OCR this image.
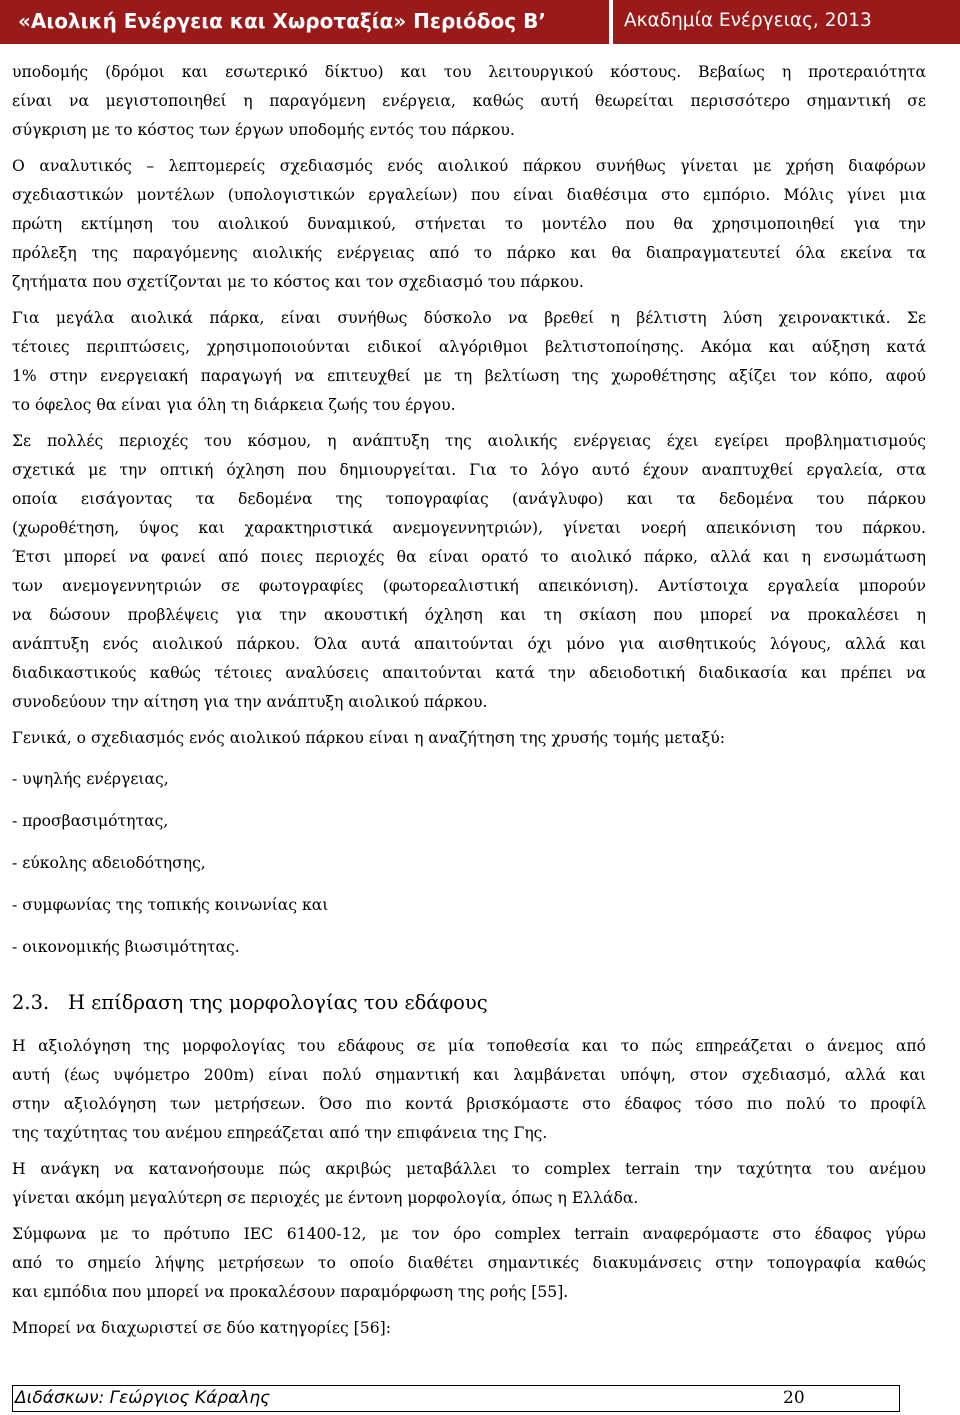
«Αιολική Ενέργεια και Χωροταξία» Περιόδος Β’	Ακαδημία Ενέργειας, 2013
υποδομής (δρόμοι και εσωτερικό δίκτυο) και του λειτουργικού κόστους. Βεβαίως η προτεραιότητα
είναι να μεγιστοποιηθεί η παραγόμενη ενέργεια, καθώς αυτή θεωρείται περισσότερο σημαντική σε
σύγκριση με το κόστος των έργων υποδομής εντός του πάρκου.
Ο αναλυτικός – λεπτομερείς σχεδιασμός ενός αιολικού πάρκου συνήθως γίνεται με χρήση διαφόρων
σχεδιαστικών μοντέλων (υπολογιστικών εργαλείων) που είναι διαθέσιμα στο εμπόριο. Μόλις γίνει μια
πρώτη εκτίμηση του αιολικού δυναμικού, στήνεται το μοντέλο που θα χρησιμοποιηθεί για την
πρόλεξη της παραγόμενης αιολικής ενέργειας από το πάρκο και θα διαπραγματευτεί όλα εκείνα τα
ζητήματα που σχετίζονται με το κόστος και τον σχεδιασμό του πάρκου.
Για μεγάλα αιολικά πάρκα, είναι συνήθως δύσκολο να βρεθεί η βέλτιστη λύση χειρονακτικά. Σε
τέτοιες περιπτώσεις, χρησιμοποιούνται ειδικοί αλγόριθμοι βελτιστοποίησης. Ακόμα και αύξηση κατά
1% στην ενεργειακή παραγωγή να επιτευχθεί με τη βελτίωση της χωροθέτησης αξίζει τον κόπο, αφού
το όφελος θα είναι για όλη τη διάρκεια ζωής του έργου.
Σε πολλές περιοχές του κόσμου, η ανάπτυξη της αιολικής ενέργειας έχει εγείρει προβληματισμούς
σχετικά με την οπτική όχληση που δημιουργείται. Για το λόγο αυτό έχουν αναπτυχθεί εργαλεία, στα
οποία εισάγοντας τα δεδομένα της τοπογραφίας (ανάγλυφο) και τα δεδομένα του πάρκου
(χωροθέτηση, ύψος και χαρακτηριστικά ανεμογεννητριών), γίνεται νοερή απεικόνιση του πάρκου.
Έτσι μπορεί να φανεί από ποιες περιοχές θα είναι ορατό το αιολικό πάρκο, αλλά και η ενσωμάτωση
των ανεμογεννητριών σε φωτογραφίες (φωτορεαλιστική απεικόνιση). Αντίστοιχα εργαλεία μπορούν
να δώσουν προβλέψεις για την ακουστική όχληση και τη σκίαση που μπορεί να προκαλέσει η
ανάπτυξη ενός αιολικού πάρκου. Όλα αυτά απαιτούνται όχι μόνο για αισθητικούς λόγους, αλλά και
διαδικαστικούς καθώς τέτοιες αναλύσεις απαιτούνται κατά την αδειοδοτική διαδικασία και πρέπει να
συνοδεύουν την αίτηση για την ανάπτυξη αιολικού πάρκου.
Γενικά, ο σχεδιασμός ενός αιολικού πάρκου είναι η αναζήτηση της χρυσής τομής μεταξύ:
- υψηλής ενέργειας,
- προσβασιμότητας,
- εύκολης αδειοδότησης,
- συμφωνίας της τοπικής κοινωνίας και
- οικονομικής βιωσιμότητας.
2.3. Η επίδραση της μορφολογίας του εδάφους
Η αξιολόγηση της μορφολογίας του εδάφους σε μία τοποθεσία και το πώς επηρεάζεται ο άνεμος από
αυτή (έως υψόμετρο 200m) είναι πολύ σημαντική και λαμβάνεται υπόψη, στον σχεδιασμό, αλλά και
στην αξιολόγηση των μετρήσεων. Όσο πιο κοντά βρισκόμαστε στο έδαφος τόσο πιο πολύ το προφίλ
της ταχύτητας του ανέμου επηρεάζεται από την επιφάνεια της Γης.
Η ανάγκη να κατανοήσουμε πώς ακριβώς μεταβάλλει το complex terrain την ταχύτητα του ανέμου
γίνεται ακόμη μεγαλύτερη σε περιοχές με έντονη μορφολογία, όπως η Ελλάδα.
Σύμφωνα με το πρότυπο IEC 61400-12, με τον όρο complex terrain αναφερόμαστε στο έδαφος γύρω
από το σημείο λήψης μετρήσεων το οποίο διαθέτει σημαντικές διακυμάνσεις στην τοπογραφία καθώς
και εμπόδια που μπορεί να προκαλέσουν παραμόρφωση της ροής [55].
Μπορεί να διαχωριστεί σε δύο κατηγορίες [56]:
Διδάσκων: Γεώργιος Κάραλης	20
